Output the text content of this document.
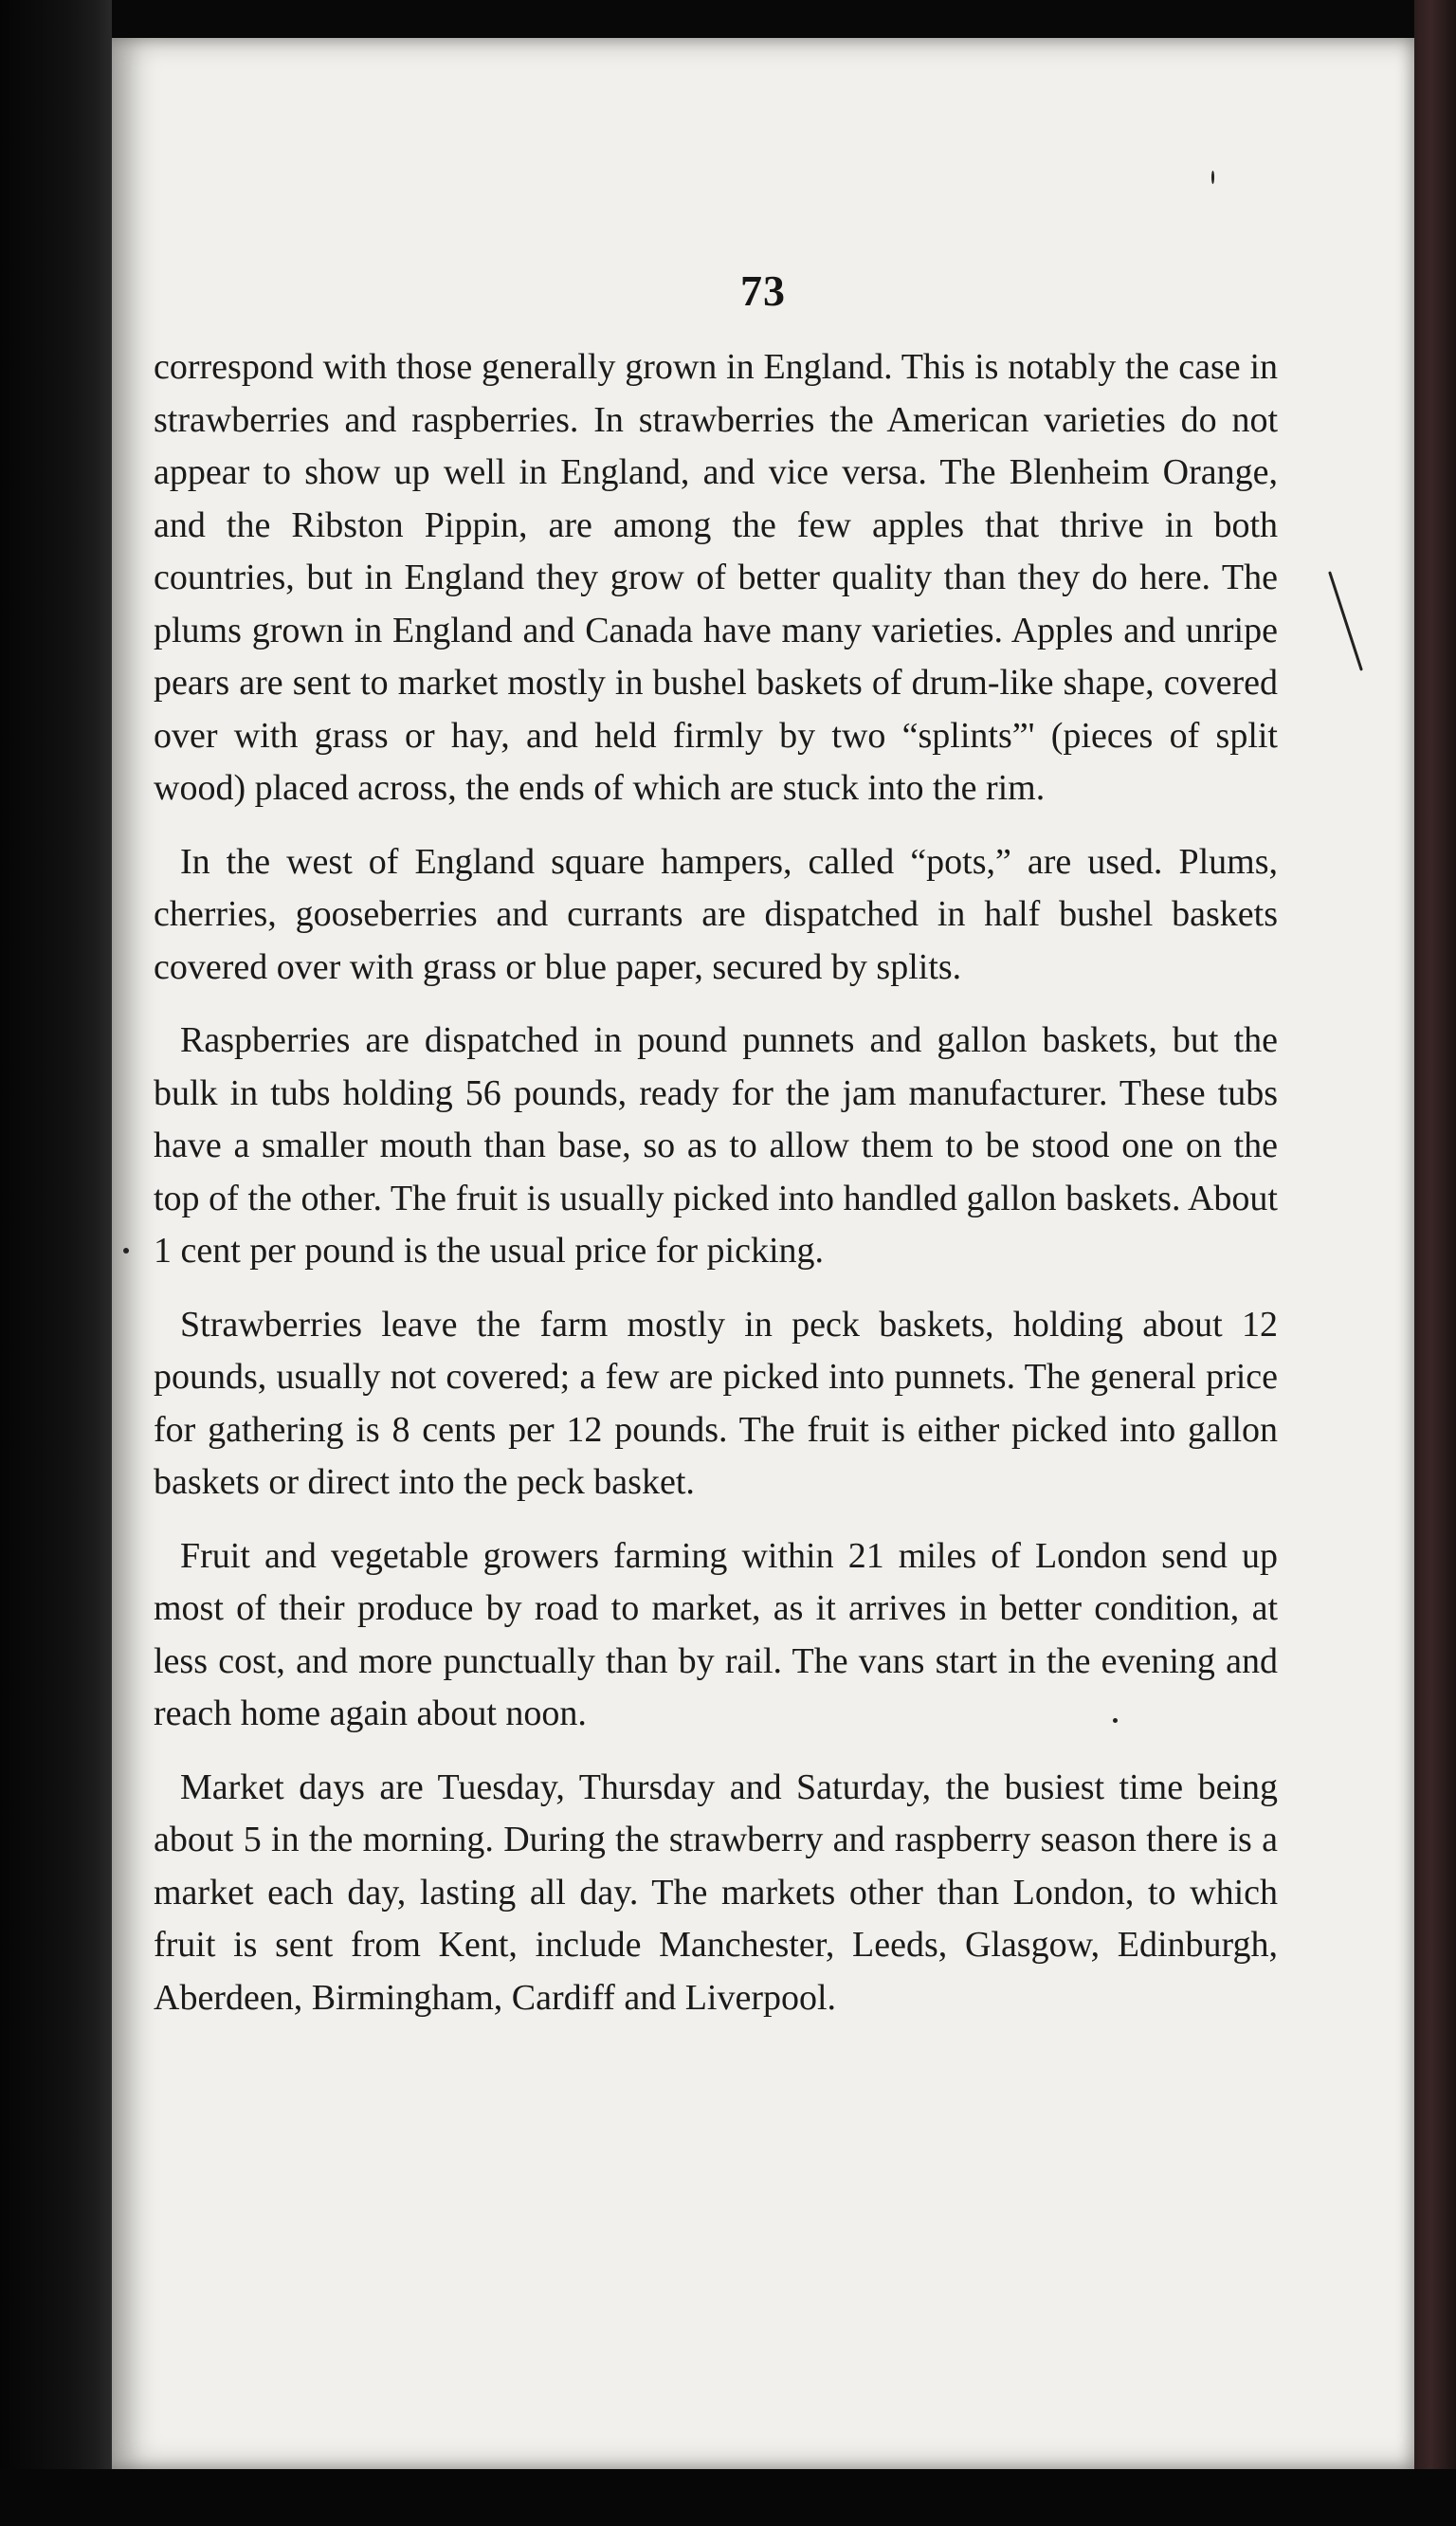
73

correspond with those generally grown in England. This is notably the case in strawberries and raspberries. In strawberries the American varieties do not appear to show up well in England, and vice versa. The Blenheim Orange, and the Ribston Pippin, are among the few apples that thrive in both countries, but in England they grow of better quality than they do here. The plums grown in England and Canada have many varieties. Apples and unripe pears are sent to market mostly in bushel baskets of drum-like shape, covered over with grass or hay, and held firmly by two “splints”' (pieces of split wood) placed across, the ends of which are stuck into the rim.

In the west of England square hampers, called “pots,” are used. Plums, cherries, gooseberries and currants are dispatched in half bushel baskets covered over with grass or blue paper, secured by splits.

Raspberries are dispatched in pound punnets and gallon baskets, but the bulk in tubs holding 56 pounds, ready for the jam manufacturer. These tubs have a smaller mouth than base, so as to allow them to be stood one on the top of the other. The fruit is usually picked into handled gallon baskets. About 1 cent per pound is the usual price for picking.

Strawberries leave the farm mostly in peck baskets, holding about 12 pounds, usually not covered; a few are picked into punnets. The general price for gathering is 8 cents per 12 pounds. The fruit is either picked into gallon baskets or direct into the peck basket.

Fruit and vegetable growers farming within 21 miles of London send up most of their produce by road to market, as it arrives in better condition, at less cost, and more punctually than by rail. The vans start in the evening and reach home again about noon.

Market days are Tuesday, Thursday and Saturday, the busiest time being about 5 in the morning. During the strawberry and raspberry season there is a market each day, lasting all day. The markets other than London, to which fruit is sent from Kent, include Manchester, Leeds, Glasgow, Edinburgh, Aberdeen, Birmingham, Cardiff and Liverpool.
